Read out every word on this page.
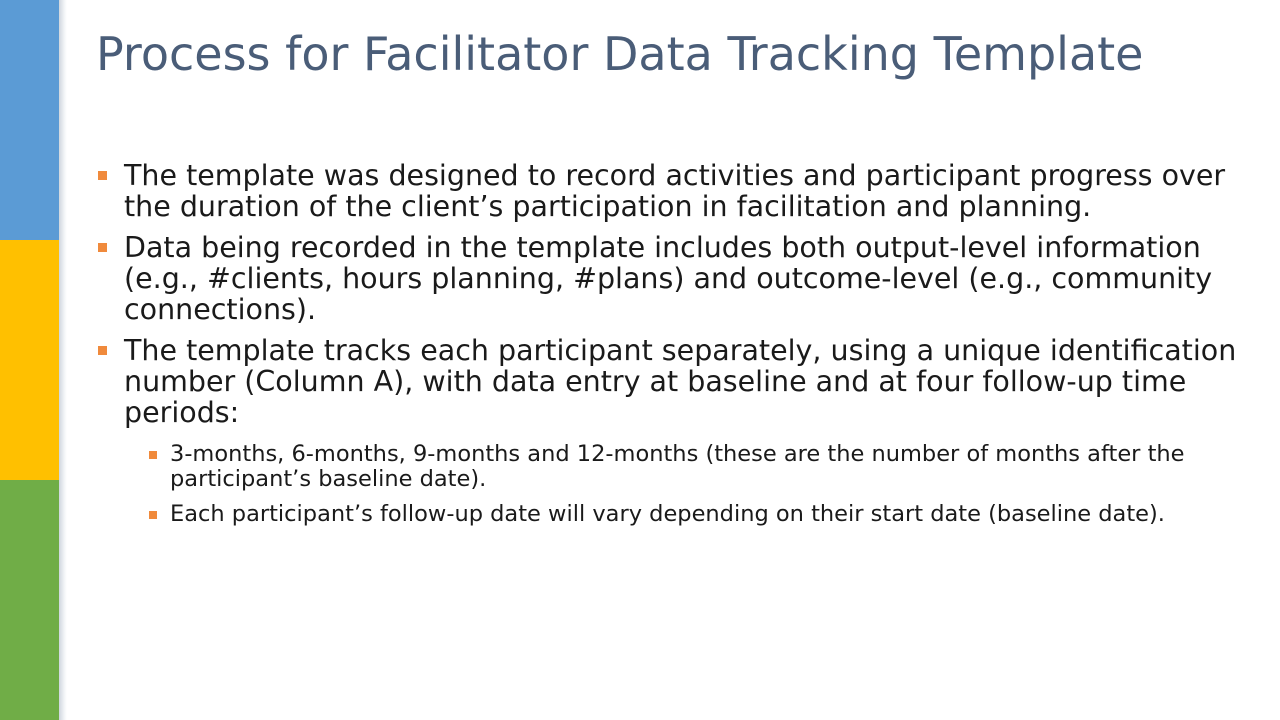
Process for Facilitator Data Tracking Template
The template was designed to record activities and participant progress over the duration of the client’s participation in facilitation and planning.
Data being recorded in the template includes both output-level information (e.g., #clients, hours planning, #plans) and outcome-level (e.g., community connections).
The template tracks each participant separately, using a unique identification number (Column A), with data entry at baseline and at four follow-up time periods:
3-months, 6-months, 9-months and 12-months (these are the number of months after the participant’s baseline date).
Each participant’s follow-up date will vary depending on their start date (baseline date).
